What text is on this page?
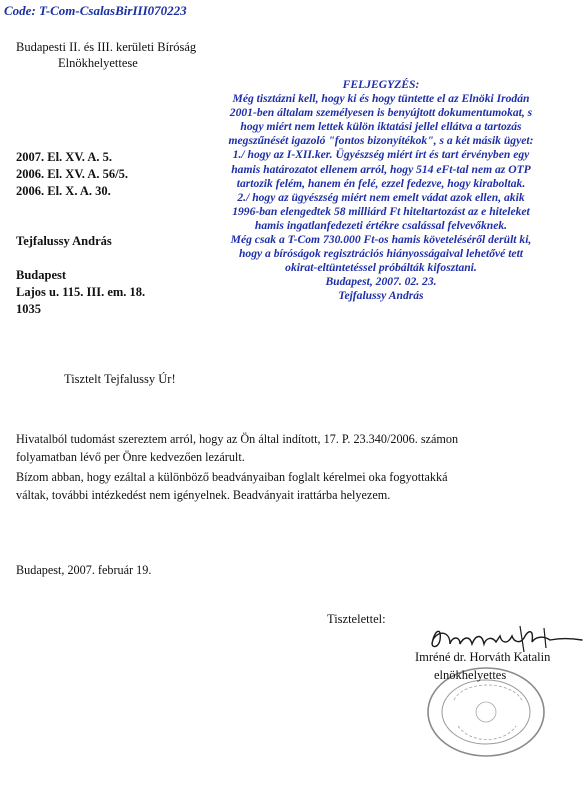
Code: T-Com-CsalasBirIII070223
Budapesti II. és III. kerületi Bíróság
Elnökhelyettese
2007. El. XV. A. 5.
2006. El. XV. A. 56/5.
2006. El. X. A. 30.
Tejfalussy András
Budapest
Lajos u. 115. III. em. 18.
1035
FELJEGYZÉS:
Még tisztázni kell, hogy ki és hogy tüntette el az Elnöki Irodán
2001-ben általam személyesen is benyújtott dokumentumokat, s
hogy miért nem lettek külön iktatási jellel ellátva a tartozás
megszűnését igazoló "fontos bizonyítékok", s a két másik ügyet:
1./ hogy az I-XII.ker. Ügyészség miért írt és tart érvényben egy
hamis határozatot ellenem arról, hogy 514 eFt-tal nem az OTP
tartozik felém, hanem én felé, ezzel fedezve, hogy kiraboltak.
2./ hogy az ügyészség miért nem emelt vádat azok ellen, akik
1996-ban elengedtek 58 milliárd Ft hiteltartozást az e hiteleket
hamis ingatlanfedezeti értékre csalással felvevőknek.
Még csak a T-Com 730.000 Ft-os hamis követeléséről derült ki,
hogy a bíróságok regisztrációs hiányosságaival lehetővé tett
okirat-eltüntetéssel próbálták kifosztani.
Budapest, 2007. 02. 23.
Tejfalussy András
Tisztelt Tejfalussy Úr!
Hivatalból tudomást szereztem arról, hogy az Ön által indított, 17. P. 23.340/2006. számon
folyamatban lévő per Önre kedvezően lezárult.
Bízom abban, hogy ezáltal a különböző beadványaiban foglalt kérelmei oka fogyottakká
váltak, további intézkedést nem igényelnek. Beadványait irattárba helyezem.
Budapest, 2007. február 19.
Tisztelettel:
Imréné dr. Horváth Katalin
elnökhelyettes
